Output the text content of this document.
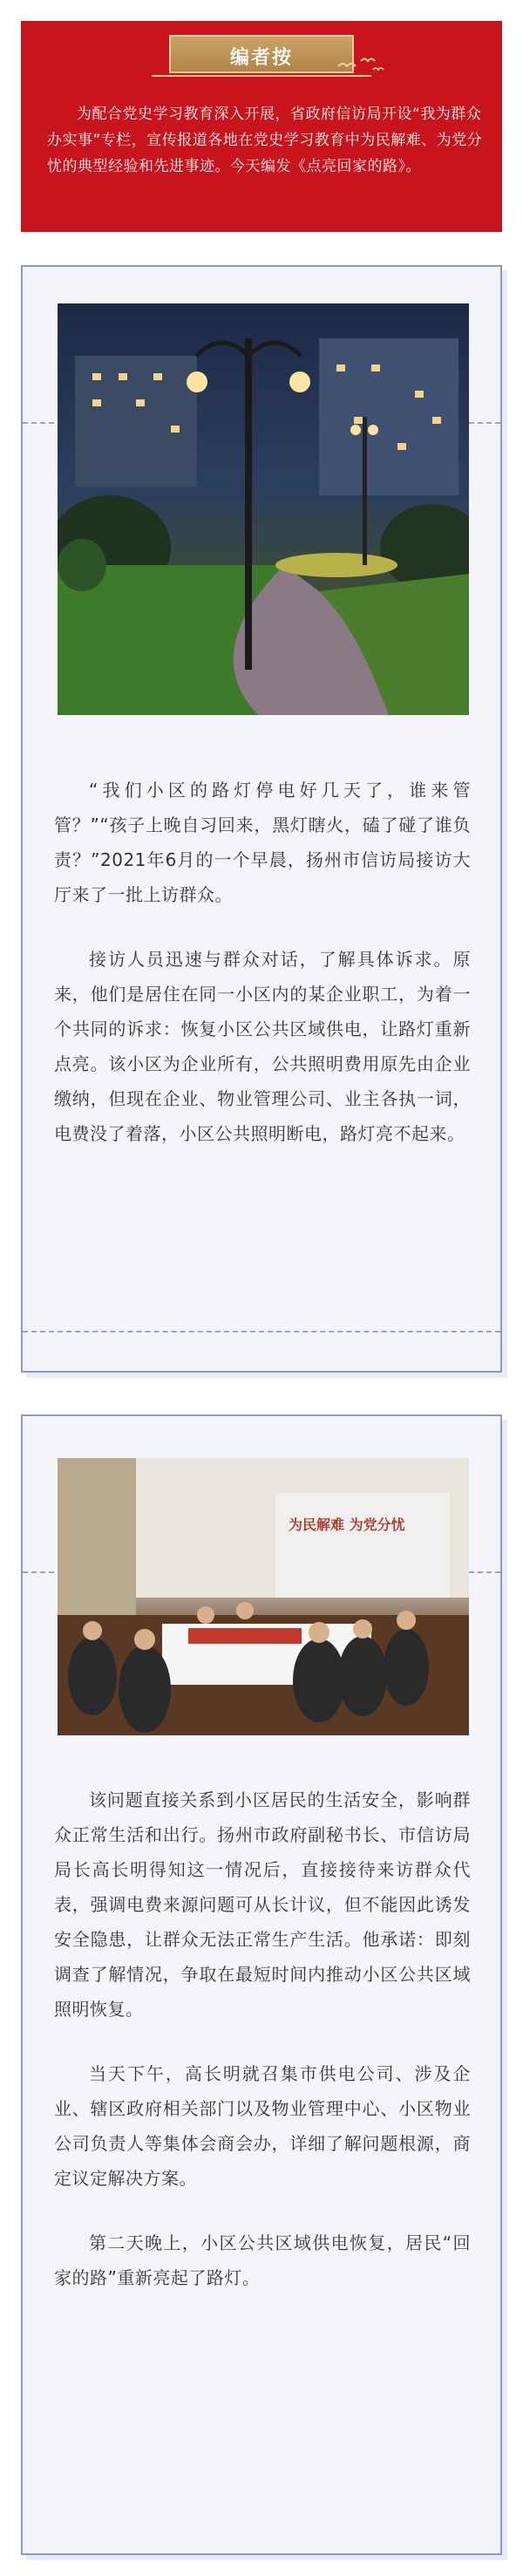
编者按

为配合党史学习教育深入开展，省政府信访局开设“我为群众办实事”专栏，宣传报道各地在党史学习教育中为民解难、为党分忧的典型经验和先进事迹。今天编发《点亮回家的路》。

“我们小区的路灯停电好几天了，谁来管管？”“孩子上晚自习回来，黑灯瞎火，磕了碰了谁负责？”2021年6月的一个早晨，扬州市信访局接访大厅来了一批上访群众。

接访人员迅速与群众对话，了解具体诉求。原来，他们是居住在同一小区内的某企业职工，为着一个共同的诉求：恢复小区公共区域供电，让路灯重新点亮。该小区为企业所有，公共照明费用原先由企业缴纳，但现在企业、物业管理公司、业主各执一词，电费没了着落，小区公共照明断电，路灯亮不起来。

为民解难 为党分忧

该问题直接关系到小区居民的生活安全，影响群众正常生活和出行。扬州市政府副秘书长、市信访局局长高长明得知这一情况后，直接接待来访群众代表，强调电费来源问题可从长计议，但不能因此诱发安全隐患，让群众无法正常生产生活。他承诺：即刻调查了解情况，争取在最短时间内推动小区公共区域照明恢复。

当天下午，高长明就召集市供电公司、涉及企业、辖区政府相关部门以及物业管理中心、小区物业公司负责人等集体会商会办，详细了解问题根源，商定议定解决方案。

第二天晚上，小区公共区域供电恢复，居民“回家的路”重新亮起了路灯。
